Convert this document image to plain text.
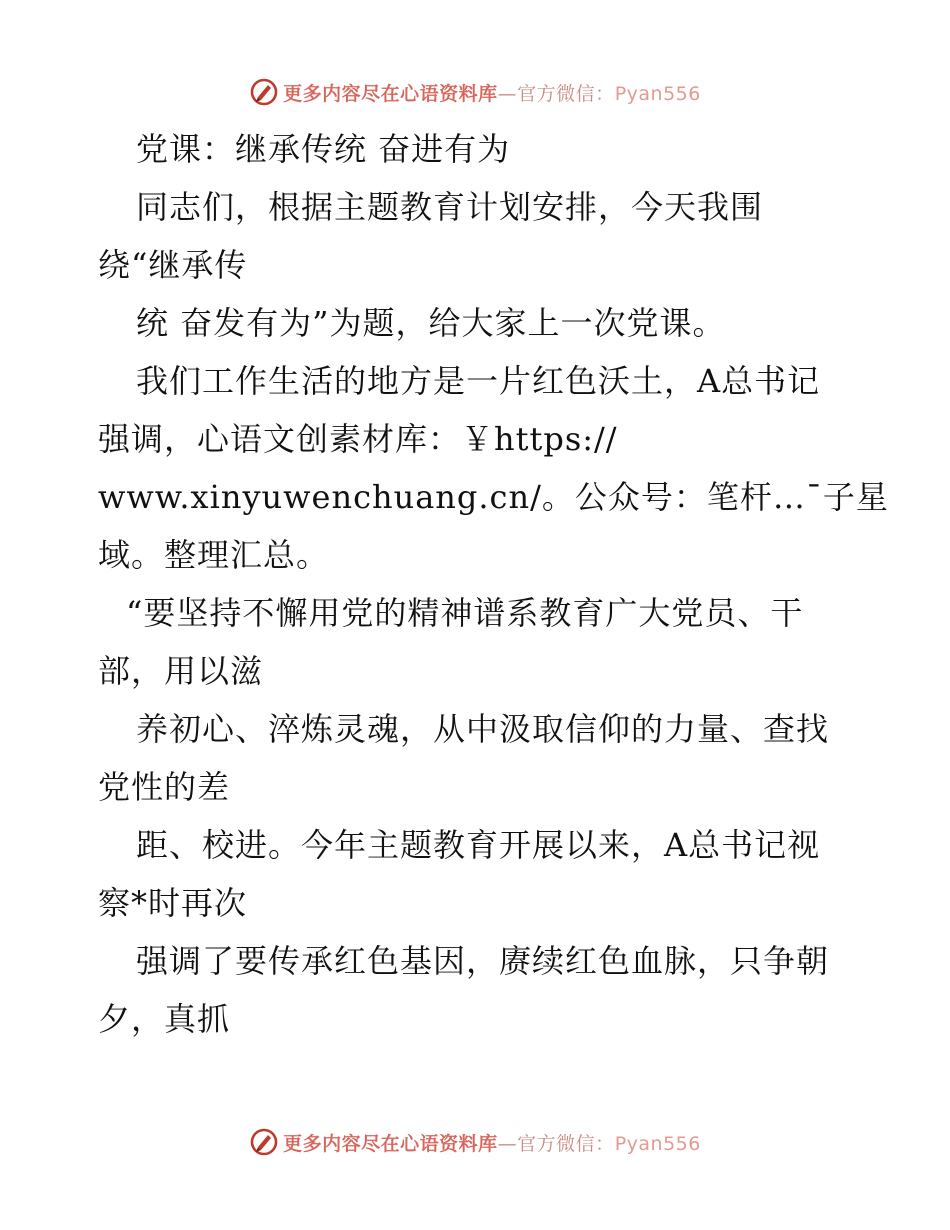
更多内容尽在心语资料库—官方微信：Pyan556
党课：继承传统 奋进有为
同志们，根据主题教育计划安排，今天我围
绕“继承传
统 奋发有为”为题，给大家上一次党课。
我们工作生活的地方是一片红色沃土，A总书记
强调，心语文创素材库：￥https://
www.xinyuwenchuang.cn/。公众号：笔杆…¯子星
域。整理汇总。
“要坚持不懈用党的精神谱系教育广大党员、干
部，用以滋
养初心、淬炼灵魂，从中汲取信仰的力量、查找
党性的差
距、校进。今年主题教育开展以来，A总书记视
察*时再次
强调了要传承红色基因，赓续红色血脉，只争朝
夕，真抓
更多内容尽在心语资料库—官方微信：Pyan556
